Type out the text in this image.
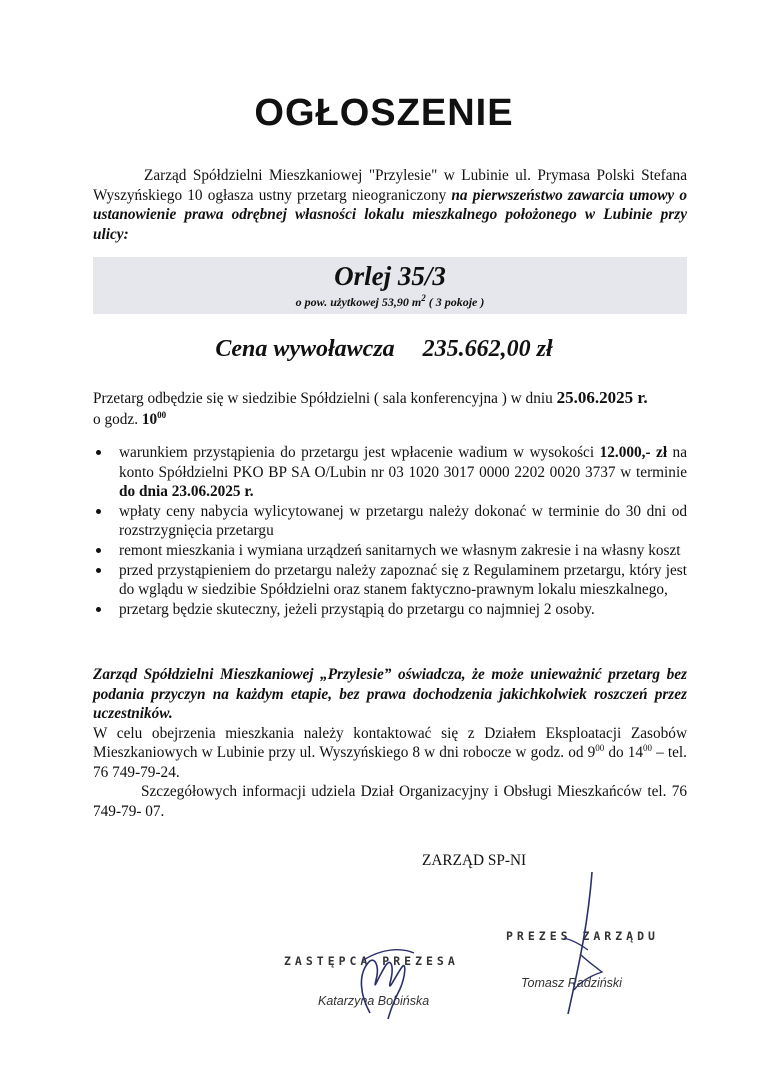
OGŁOSZENIE

Zarząd Spółdzielni Mieszkaniowej "Przylesie" w Lubinie ul. Prymasa Polski Stefana Wyszyńskiego 10 ogłasza ustny przetarg nieograniczony na pierwszeństwo zawarcia umowy o ustanowienie prawa odrębnej własności lokalu mieszkalnego położonego w Lubinie przy ulicy:

Orlej 35/3
o pow. użytkowej 53,90 $m^2$ ( 3 pokoje )
Cena wywoławcza 235.662,00 zł
Przetarg odbędzie się w siedzibie Spółdzielni ( sala konferencyjna ) w dniu 25.06.2025 r.
o godz. $10^{00}$
warunkiem przystąpienia do przetargu jest wpłacenie wadium w wysokości 12.000,- zł na konto Spółdzielni PKO BP SA O/Lubin nr 03 1020 3017 0000 2202 0020 3737 w terminie do dnia 23.06.2025 r.
wpłaty ceny nabycia wylicytowanej w przetargu należy dokonać w terminie do 30 dni od rozstrzygnięcia przetargu
remont mieszkania i wymiana urządzeń sanitarnych we własnym zakresie i na własny koszt
przed przystąpieniem do przetargu należy zapoznać się z Regulaminem przetargu, który jest do wglądu w siedzibie Spółdzielni oraz stanem faktyczno-prawnym lokalu mieszkalnego,
przetarg będzie skuteczny, jeżeli przystąpią do przetargu co najmniej 2 osoby.

Zarząd Spółdzielni Mieszkaniowej „Przylesie” oświadcza, że może unieważnić przetarg bez podania przyczyn na każdym etapie, bez prawa dochodzenia jakichkolwiek roszczeń przez uczestników.

W celu obejrzenia mieszkania należy kontaktować się z Działem Eksploatacji Zasobów Mieszkaniowych w Lubinie przy ul. Wyszyńskiego 8 w dni robocze w godz. od $9^{00}$ do $14^{00}$ – tel. 76 749-79-24.

Szczegółowych informacji udziela Dział Organizacyjny i Obsługi Mieszkańców tel. 76 749-79- 07.

ZARZĄD SP-NI
PREZES ZARZĄDU
Tomasz Radziński
ZASTĘPCA PREZESA
Katarzyna Bobińska
